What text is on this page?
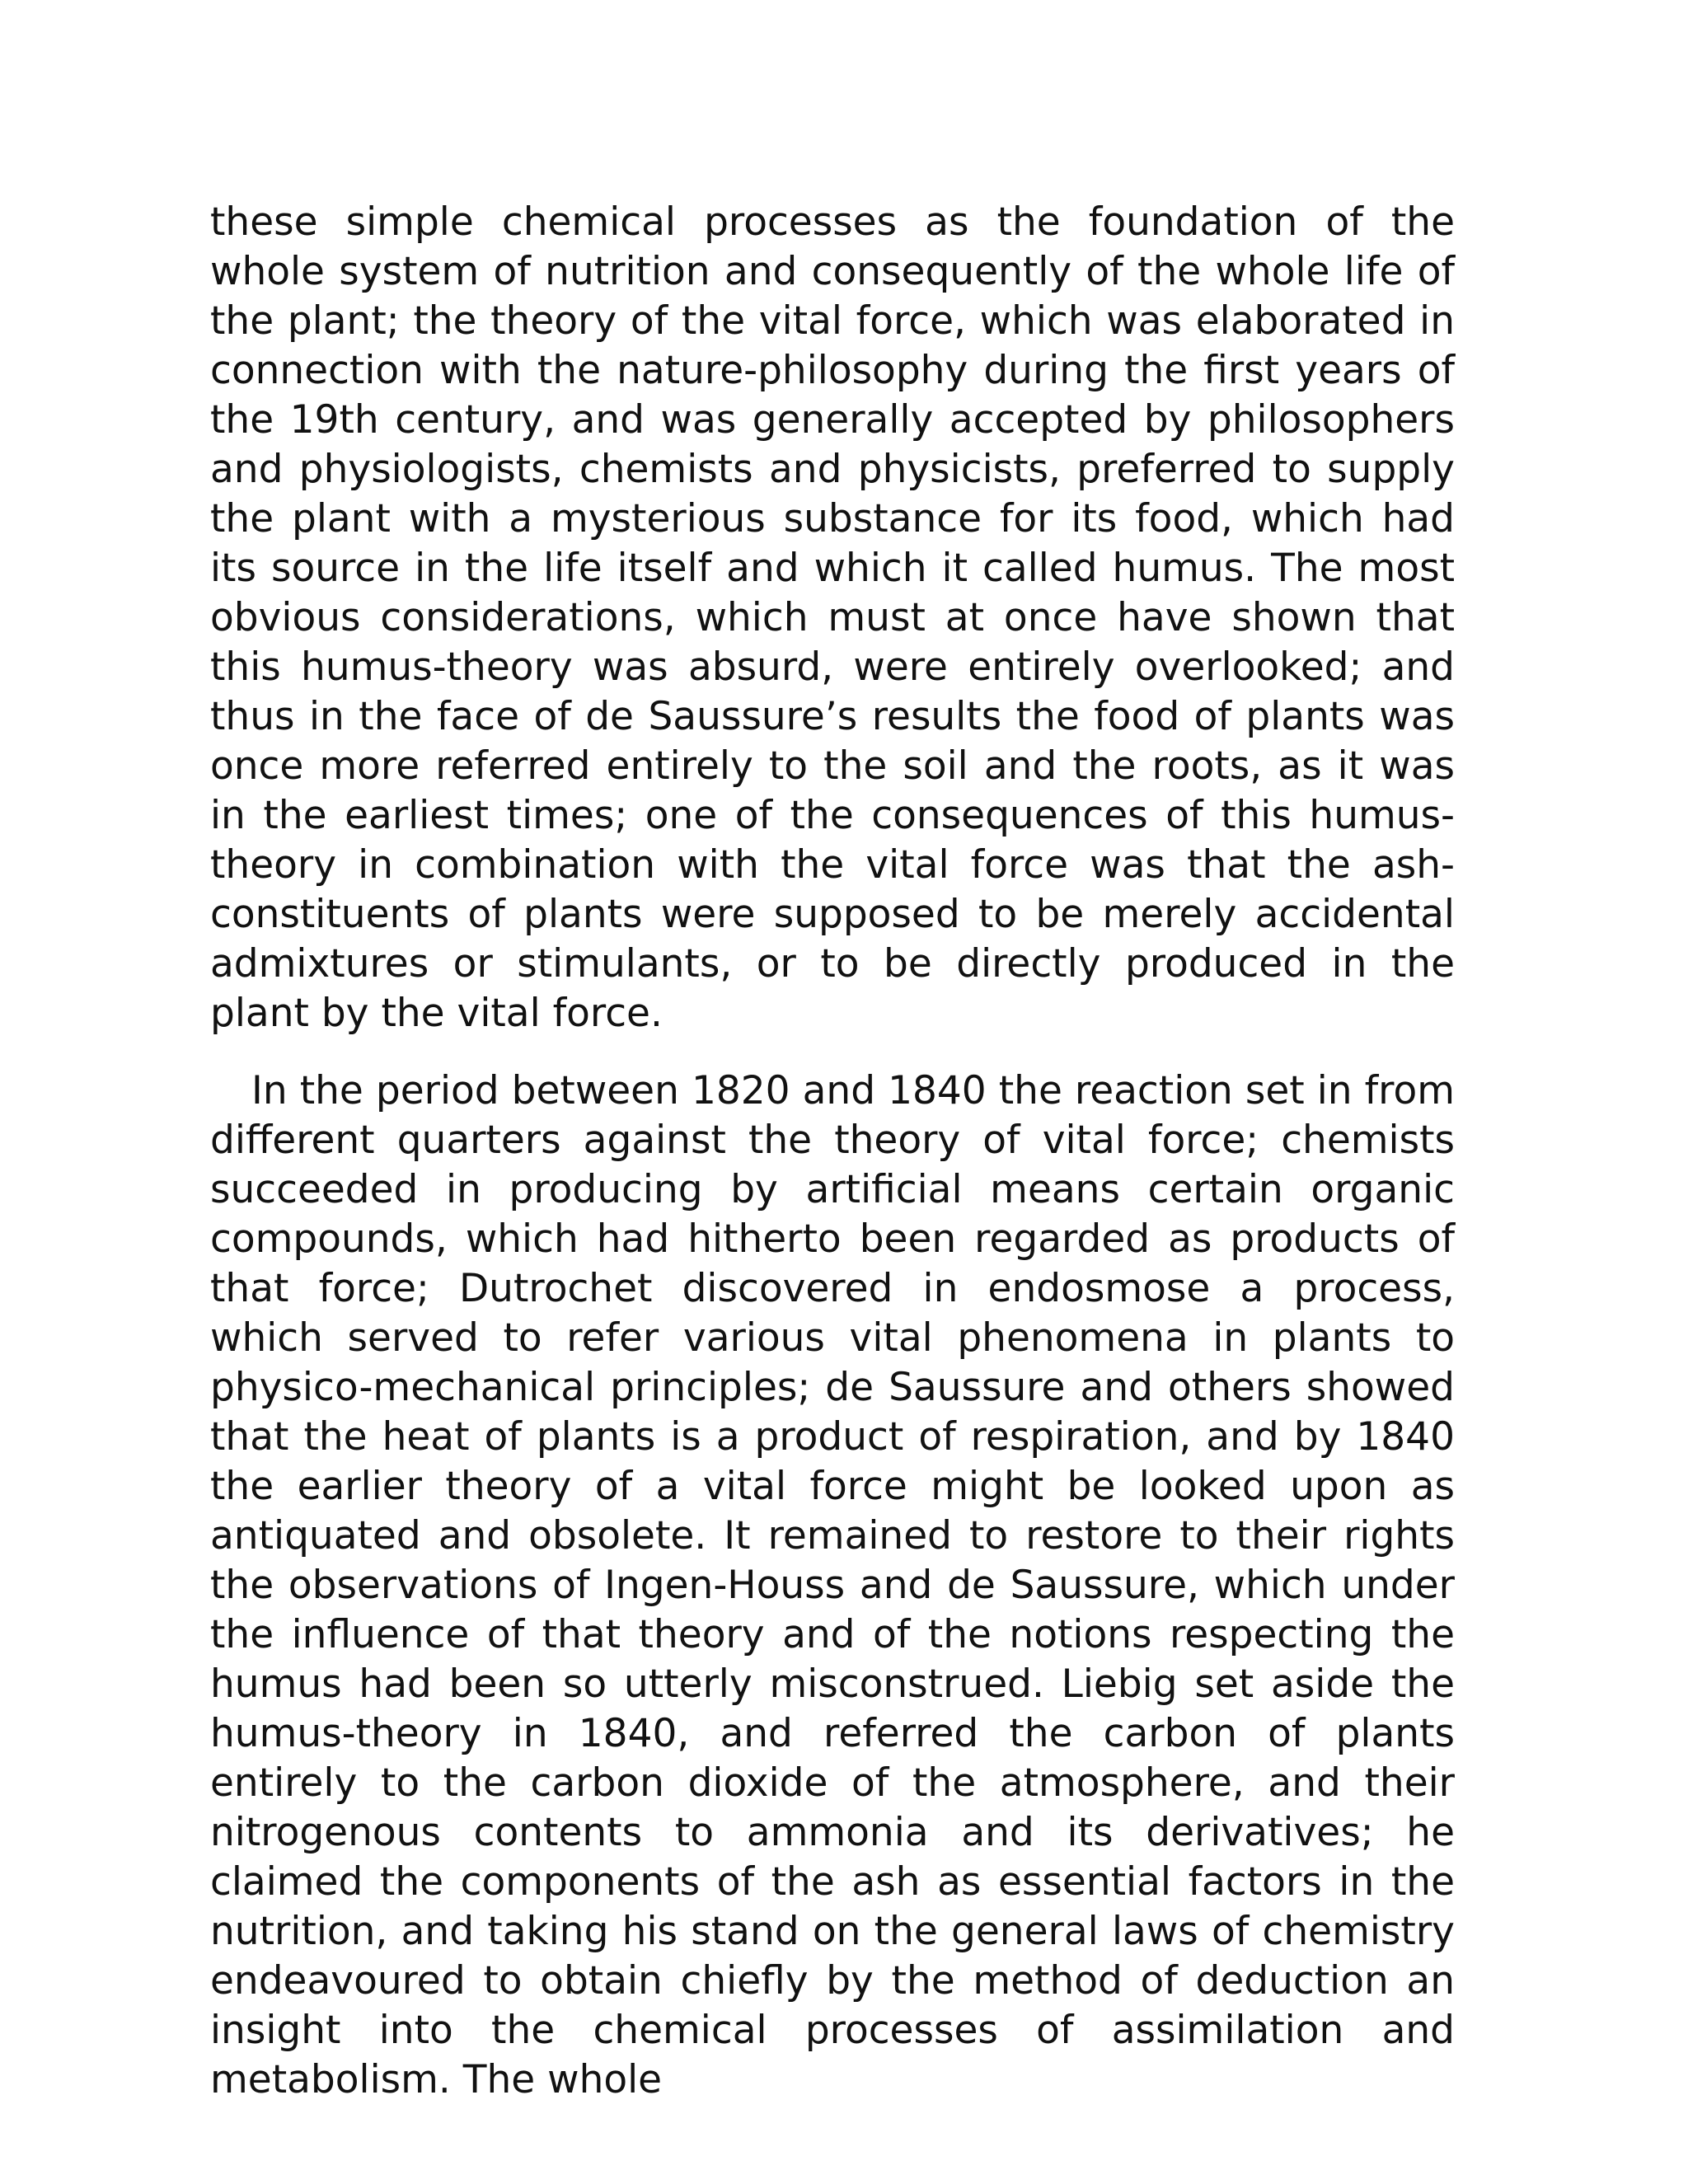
these simple chemical processes as the foundation of the whole system of nutrition and consequently of the whole life of the plant; the theory of the vital force, which was elaborated in connection with the nature-philosophy during the first years of the 19th century, and was generally accepted by philosophers and physiologists, chemists and physicists, preferred to supply the plant with a mysterious substance for its food, which had its source in the life itself and which it called humus. The most obvious considerations, which must at once have shown that this humus-theory was absurd, were entirely overlooked; and thus in the face of de Saussure’s results the food of plants was once more referred entirely to the soil and the roots, as it was in the earliest times; one of the consequences of this humus-theory in combination with the vital force was that the ash-constituents of plants were supposed to be merely accidental admixtures or stimulants, or to be directly produced in the plant by the vital force.

In the period between 1820 and 1840 the reaction set in from different quarters against the theory of vital force; chemists succeeded in producing by artificial means certain organic compounds, which had hitherto been regarded as products of that force; Dutrochet discovered in endosmose a process, which served to refer various vital phenomena in plants to physico-mechanical principles; de Saussure and others showed that the heat of plants is a product of respiration, and by 1840 the earlier theory of a vital force might be looked upon as antiquated and obsolete. It remained to restore to their rights the observations of Ingen-Houss and de Saussure, which under the influence of that theory and of the notions respecting the humus had been so utterly misconstrued. Liebig set aside the humus-theory in 1840, and referred the carbon of plants entirely to the carbon dioxide of the atmosphere, and their nitrogenous contents to ammonia and its derivatives; he claimed the components of the ash as essential factors in the nutrition, and taking his stand on the general laws of chemistry endeavoured to obtain chiefly by the method of deduction an insight into the chemical processes of assimilation and metabolism. The whole
